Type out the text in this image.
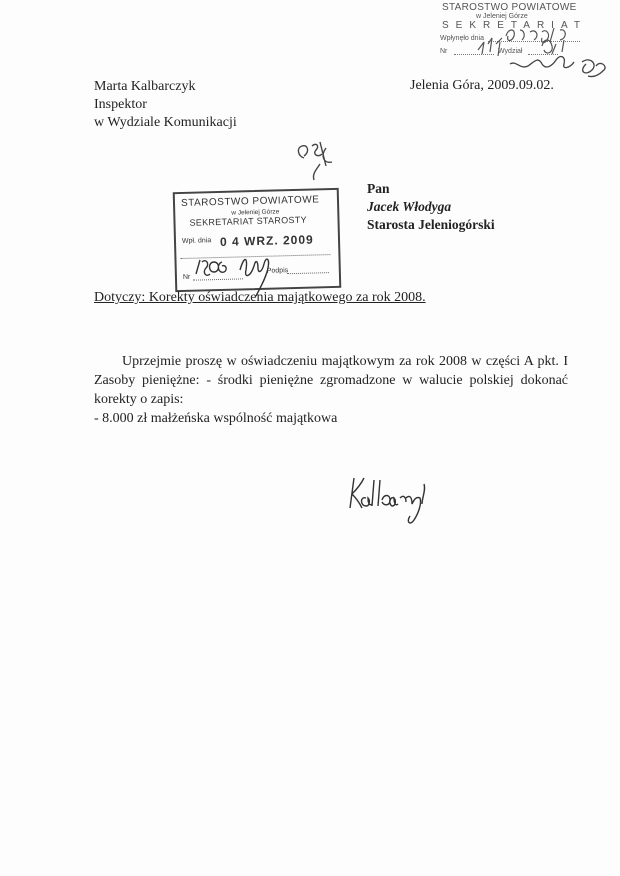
STAROSTWO POWIATOWE
w Jeleniej Górze
SEKRETARIAT
Wpłynęło dnia
Nr	Wydział
Marta Kalbarczyk
Inspektor
w Wydziale Komunikacji
Jelenia Góra, 2009.09.02.
Pan
Jacek Włodyga
Starosta Jeleniogórski
STAROSTWO POWIATOWE
w Jeleniej Górze
SEKRETARIAT STAROSTY
Wpł. dnia 0 4 WRZ. 2009
Nr
Podpis
Dotyczy: Korekty oświadczenia majątkowego za rok 2008.

Uprzejmie proszę w oświadczeniu majątkowym za rok 2008 w części A pkt. I Zasoby pieniężne: - środki pieniężne zgromadzone w walucie polskiej dokonać korekty o zapis:

- 8.000 zł małżeńska wspólność majątkowa
